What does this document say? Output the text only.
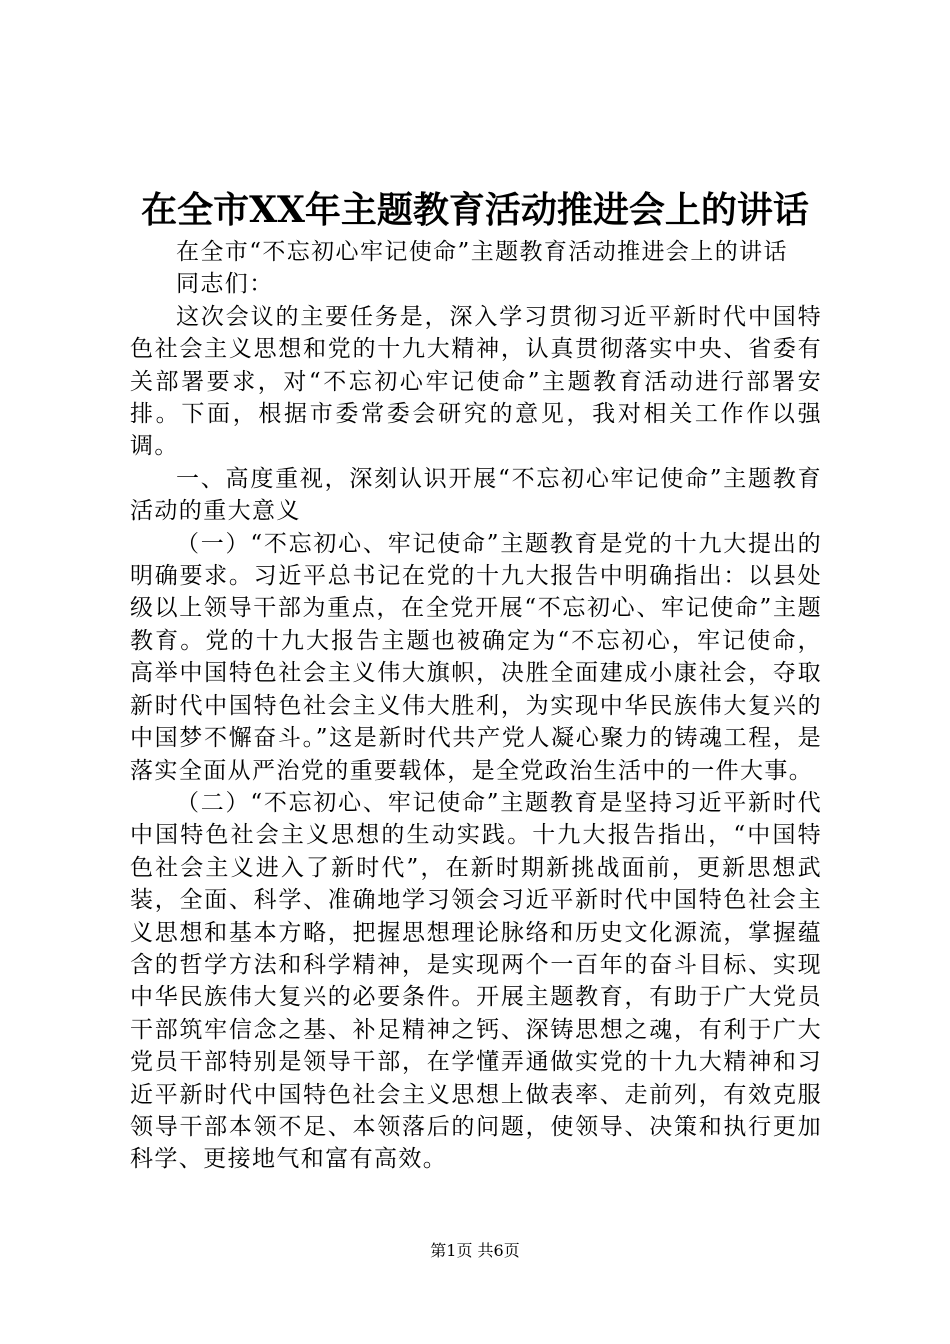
在全市XX年主题教育活动推进会上的讲话

在全市“不忘初心牢记使命”主题教育活动推进会上的讲话

同志们：

这次会议的主要任务是，深入学习贯彻习近平新时代中国特色社会主义思想和党的十九大精神，认真贯彻落实中央、省委有关部署要求，对“不忘初心牢记使命”主题教育活动进行部署安排。下面，根据市委常委会研究的意见，我对相关工作作以强调。

一、高度重视，深刻认识开展“不忘初心牢记使命”主题教育活动的重大意义

（一）“不忘初心、牢记使命”主题教育是党的十九大提出的明确要求。习近平总书记在党的十九大报告中明确指出：以县处级以上领导干部为重点，在全党开展“不忘初心、牢记使命”主题教育。党的十九大报告主题也被确定为“不忘初心，牢记使命，高举中国特色社会主义伟大旗帜，决胜全面建成小康社会，夺取新时代中国特色社会主义伟大胜利，为实现中华民族伟大复兴的中国梦不懈奋斗。”这是新时代共产党人凝心聚力的铸魂工程，是落实全面从严治党的重要载体，是全党政治生活中的一件大事。

（二）“不忘初心、牢记使命”主题教育是坚持习近平新时代中国特色社会主义思想的生动实践。十九大报告指出，“中国特色社会主义进入了新时代”，在新时期新挑战面前，更新思想武装，全面、科学、准确地学习领会习近平新时代中国特色社会主义思想和基本方略，把握思想理论脉络和历史文化源流，掌握蕴含的哲学方法和科学精神，是实现两个一百年的奋斗目标、实现中华民族伟大复兴的必要条件。开展主题教育，有助于广大党员干部筑牢信念之基、补足精神之钙、深铸思想之魂，有利于广大党员干部特别是领导干部，在学懂弄通做实党的十九大精神和习近平新时代中国特色社会主义思想上做表率、走前列，有效克服领导干部本领不足、本领落后的问题，使领导、决策和执行更加科学、更接地气和富有高效。

第1页 共6页
